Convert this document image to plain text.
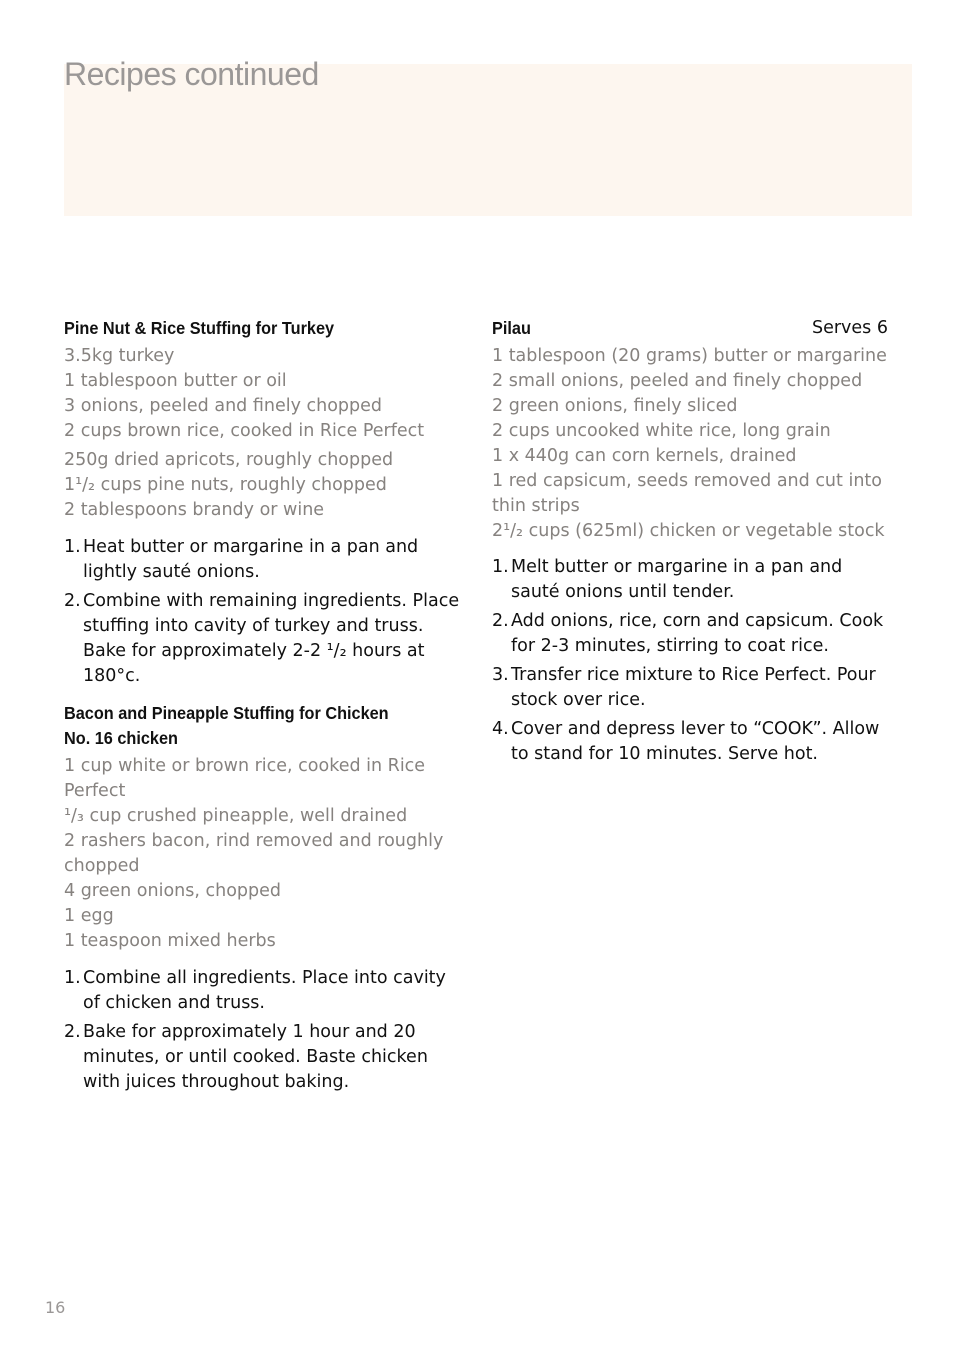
Recipes continued
Pine Nut & Rice Stuffing for Turkey
3.5kg turkey
1 tablespoon butter or oil
3 onions, peeled and finely chopped
2 cups brown rice, cooked in Rice Perfect
250g dried apricots, roughly chopped
1¹/₂ cups pine nuts, roughly chopped
2 tablespoons brandy or wine
1. Heat butter or margarine in a pan and lightly sauté onions.
2. Combine with remaining ingredients. Place stuffing into cavity of turkey and truss. Bake for approximately 2-2 ¹/₂ hours at 180°c.
Bacon and Pineapple Stuffing for Chicken
No. 16 chicken
1 cup white or brown rice, cooked in Rice Perfect
¹/₃ cup crushed pineapple, well drained
2 rashers bacon, rind removed and roughly chopped
4 green onions, chopped
1 egg
1 teaspoon mixed herbs
1. Combine all ingredients. Place into cavity of chicken and truss.
2. Bake for approximately 1 hour and 20 minutes, or until cooked. Baste chicken with juices throughout baking.
Pilau	Serves 6
1 tablespoon (20 grams) butter or margarine
2 small onions, peeled and finely chopped
2 green onions, finely sliced
2 cups uncooked white rice, long grain
1 x 440g can corn kernels, drained
1 red capsicum, seeds removed and cut into thin strips
2¹/₂ cups (625ml) chicken or vegetable stock
1. Melt butter or margarine in a pan and sauté onions until tender.
2. Add onions, rice, corn and capsicum. Cook for 2-3 minutes, stirring to coat rice.
3. Transfer rice mixture to Rice Perfect. Pour stock over rice.
4. Cover and depress lever to “COOK”. Allow to stand for 10 minutes. Serve hot.
16
